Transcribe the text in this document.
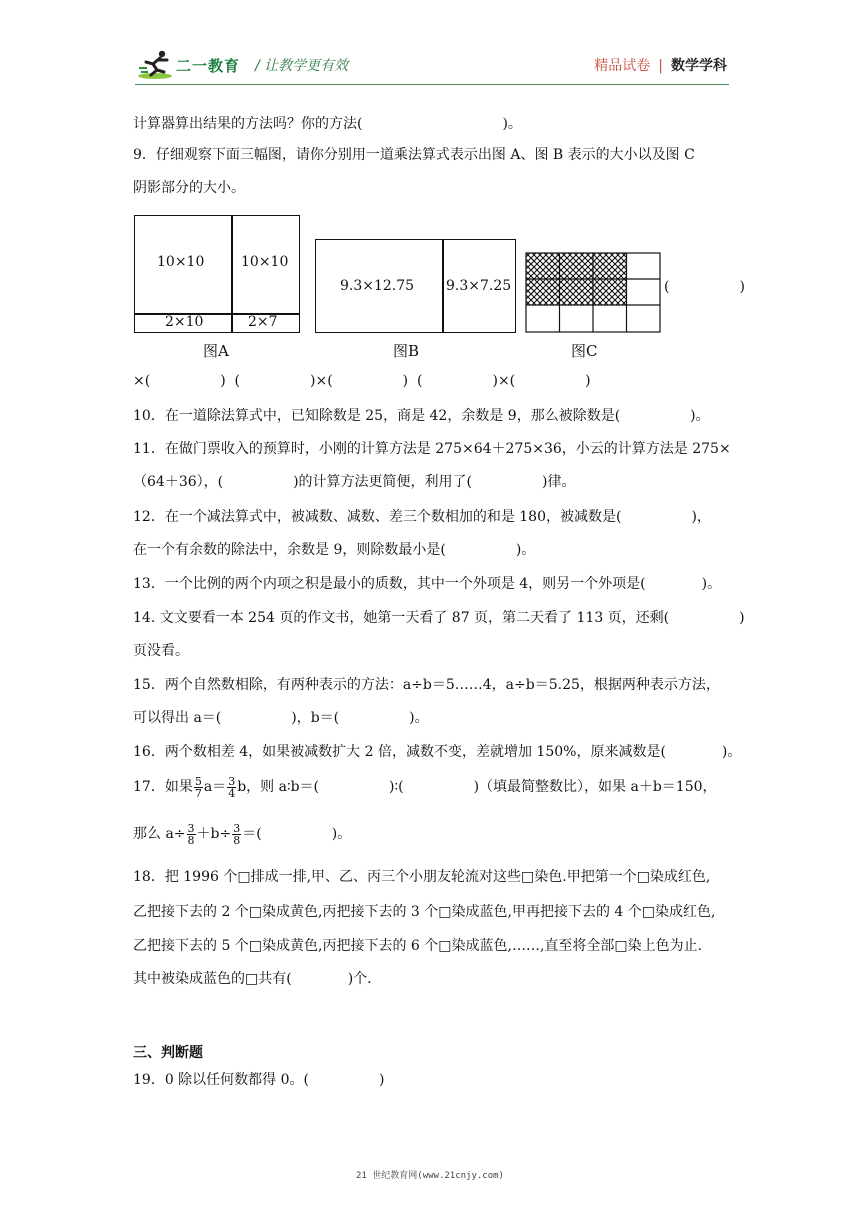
二一教育 / 让教学更有效	精品试卷 | 数学学科
计算器算出结果的方法吗？你的方法(　　　　　　　　　　)。
9．仔细观察下面三幅图，请你分别用一道乘法算式表示出图 A、图 B 表示的大小以及图 C
阴影部分的大小。
10×10	10×10
2×10	2×7
图A
9.3×12.75 9.3×7.25
图B
(　　　　　)
图C
×(　　　　　)  (　　　　　)×(　　　　　)  (　　　　　)×(　　　　　)
10．在一道除法算式中，已知除数是 25，商是 42，余数是 9，那么被除数是(　　　　　)。
11．在做门票收入的预算时，小刚的计算方法是 275×64＋275×36，小云的计算方法是 275×
（64＋36），(　　　　　)的计算方法更简便，利用了(　　　　　)律。
12．在一个减法算式中，被减数、减数、差三个数相加的和是 180，被减数是(　　　　　)，
在一个有余数的除法中，余数是 9，则除数最小是(　　　　　)。
13．一个比例的两个内项之积是最小的质数，其中一个外项是 4，则另一个外项是(　　　　)。
14. 文文要看一本 254 页的作文书，她第一天看了 87 页，第二天看了 113 页，还剩(　　　　　)
页没看。
15．两个自然数相除，有两种表示的方法：a÷b＝5……4，a÷b＝5.25，根据两种表示方法，
可以得出 a＝(　　　　　)，b＝(　　　　　)。
16．两个数相差 4，如果被减数扩大 2 倍，减数不变，差就增加 150%，原来减数是(　　　　)。
17．如果 $\frac{5}{7} a= \frac{3}{4}$ b，则 a∶b＝(　　　　　)∶(　　　　　)（填最简整数比），如果 a＋b＝150，
那么 $a\div \frac{3}{8} +b\div \frac{3}{8}$ ＝(　　　　　)。
18．把 1996 个□排成一排,甲、乙、丙三个小朋友轮流对这些□染色.甲把第一个□染成红色,
乙把接下去的 2 个□染成黄色,丙把接下去的 3 个□染成蓝色,甲再把接下去的 4 个□染成红色,
乙把接下去的 5 个□染成黄色,丙把接下去的 6 个□染成蓝色,……,直至将全部□染上色为止.
其中被染成蓝色的□共有(　　　　)个.
三、判断题
19．0 除以任何数都得 0。(　　　　　)
21 世纪教育网(www.21cnjy.com)
